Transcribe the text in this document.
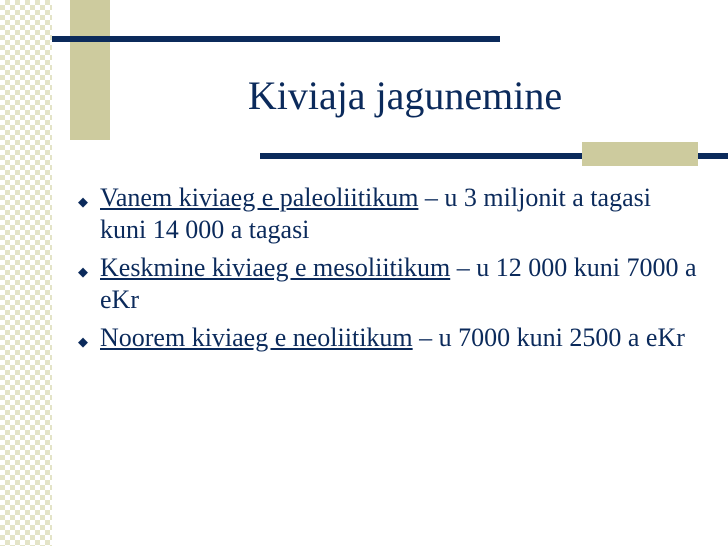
Kiviaja jagunemine
◆ Vanem kiviaeg e paleoliitikum – u 3 miljonit a tagasi kuni 14 000 a tagasi
◆ Keskmine kiviaeg e mesoliitikum – u 12 000 kuni 7000 a eKr
◆ Noorem kiviaeg e neoliitikum – u 7000 kuni 2500 a eKr
